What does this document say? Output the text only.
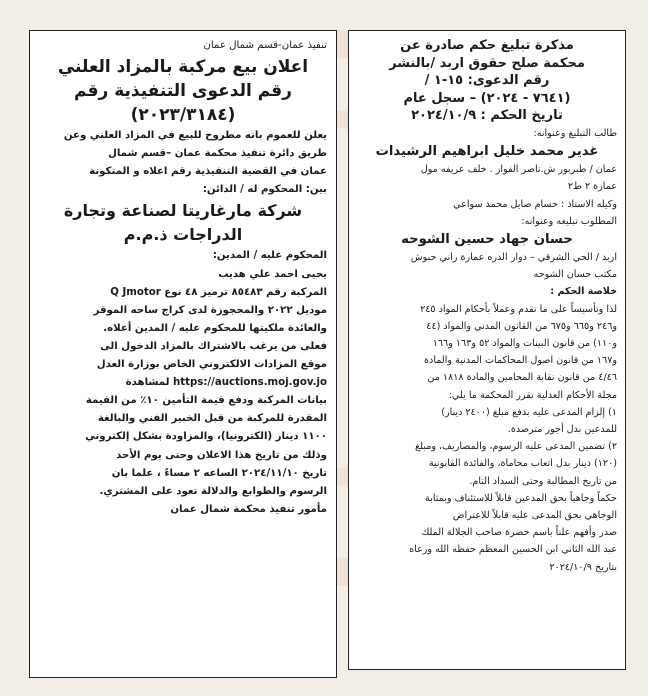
مذكرة تبليغ حكم صادرة عن
محكمة صلح حقوق اربد /بالنشر
رقم الدعوى: ١٥-١ /
(٧٦٤١ - ٢٠٢٤) – سجل عام
تاريخ الحكم : ٢٠٢٤/١٠/٩
طالب التبليغ وعنوانه:
غدير محمد خليل ابراهيم الرشيدات
عمان / طبربور ش.ناصر الفواز . خلف عريفه مول
عمارة ٢ ط٢
وكيله الاستاذ : حسام صايل محمد سواعي
المطلوب تبليغه وعنوانه:
حسان جهاد حسين الشوحه
اربد / الحي الشرقي – دوار الدره عمارة راني حبوش
مكتب حسان الشوحه
خلاصة الحكم :
لذا وتأسيساً على ما تقدم وعملاً بأحكام المواد ٢٤٥
و٢٤٦ و٦٦٥ و٦٧٥ من القانون المدني والمواد (٤٤
و١١٠) من قانون البينات والمواد ٥٢ و١٦٣ و١٦٦
و١٦٧ من قانون اصول المحاكمات المدنية والمادة
٤/٤٦ من قانون نقابة المحامين والمادة ١٨١٨ من
مجلة الأحكام العدلية تقرر المحكمة ما يلي:
١) إلزام المدعى عليه بدفع مبلغ (٢٤٠٠ دينار)
للمدعين بدل أجور مترصدة.
٢) تضمين المدعى عليه الرسوم، والمصاريف، ومبلغ
(١٢٠) دينار بدل اتعاب محاماة، والفائدة القانونية
من تاريخ المطالبة وحتى السداد التام.
حكماً وجاهياً بحق المدعين قابلاً للاستئناف وبمثابة
الوجاهي بحق المدعى عليه قابلاً للاعتراض
صدر وأفهم علناً باسم حضرة صاحب الجلالة الملك
عبد الله الثاني ابن الحسين المعظم حفظه الله ورعاه
بتاريخ ٢٠٢٤/١٠/٩
تنفيذ عمان-قسم شمال عمان
اعلان بيع مركبة بالمزاد العلني
رقم الدعوى التنفيذية رقم
(٢٠٢٣/٣١٨٤)
يعلن للعموم بانه مطروح للبيع في المزاد العلني وعن
طريق دائرة تنفيذ محكمة عمان –قسم شمال
عمان في القضية التنفيذية رقم اعلاه و المتكونة
بين: المحكوم له / الدائن:
شركة مارغاريتا لصناعة وتجارة
الدراجات ذ.م.م
المحكوم عليه / المدين:
يحيى احمد علي هديب
المركبة رقم ٨٥٤٨٣ ترميز ٤٨ نوع Q Jmotor
موديل ٢٠٢٢ والمحجوزة لدى كراج ساحه الموقر
والعائدة ملكيتها للمحكوم عليه / المدين أعلاه.
فعلى من يرغب بالاشتراك بالمزاد الدخول الى
موقع المزادات الالكتروني الخاص بوزارة العدل
https://auctions.moj.gov.jo لمشاهدة
بيانات المركبة ودفع قيمة التأمين ١٠٪ من القيمة
المقدرة للمركبة من قبل الخبير الفني والبالغة
١١٠٠ دينار (الكترونيا)، والمزاودة بشكل إلكتروني
وذلك من تاريخ هذا الاعلان وحتى يوم الأحد
تاريخ ٢٠٢٤/١١/١٠ الساعه ٢ مساءً ، علما بان
الرسوم والطوابع والدلالة تعود على المشتري.
مأمور تنفيذ محكمة شمال عمان
